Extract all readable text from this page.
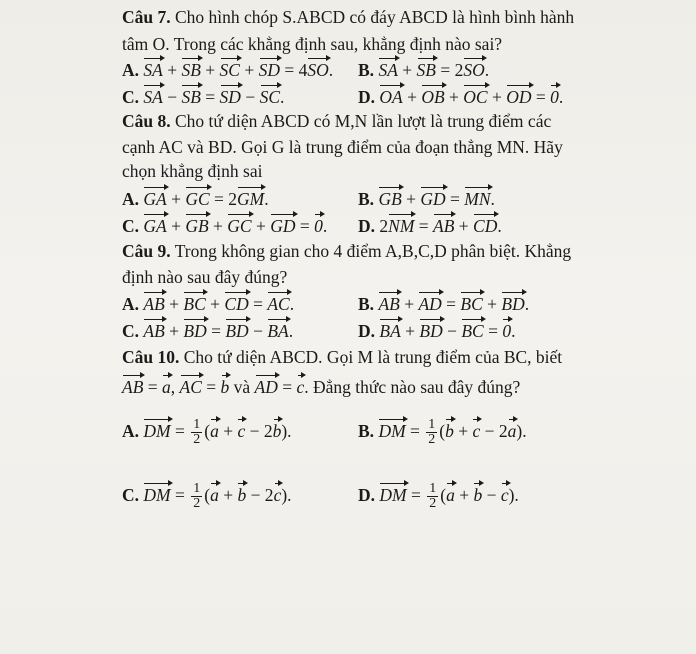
Câu 7. Cho hình chóp S.ABCD có đáy ABCD là hình bình hành
tâm O. Trong các khẳng định sau, khẳng định nào sai?
A. SA + SB + SC + SD = 4SO. B. SA + SB = 2SO.
C. SA − SB = SD − SC.	D. OA + OB + OC + OD = 0.
Câu 8. Cho tứ diện ABCD có M,N lần lượt là trung điểm các
cạnh AC và BD. Gọi G là trung điểm của đoạn thẳng MN. Hãy
chọn khẳng định sai
A. GA + GC = 2GM.	B. GB + GD = MN.
C. GA + GB + GC + GD = 0. D. 2NM = AB + CD.
Câu 9. Trong không gian cho 4 điểm A,B,C,D phân biệt. Khẳng
định nào sau đây đúng?
A. AB + BC + CD = AC.	B. AB + AD = BC + BD.
C. AB + BD = BD − BA.	D. BA + BD − BC = 0.
Câu 10. Cho tứ diện ABCD. Gọi M là trung điểm của BC, biết
AB = a, AC = b và AD = c. Đẳng thức nào sau đây đúng?
A. DM = $\frac{1}{2} (a + c - 2b)$.	B. DM = $\frac{1}{2} (b + c - 2a)$.
C. DM = $\frac{1}{2} (a + b - 2c)$.	D. DM = $\frac{1}{2} (a + b - c)$.
